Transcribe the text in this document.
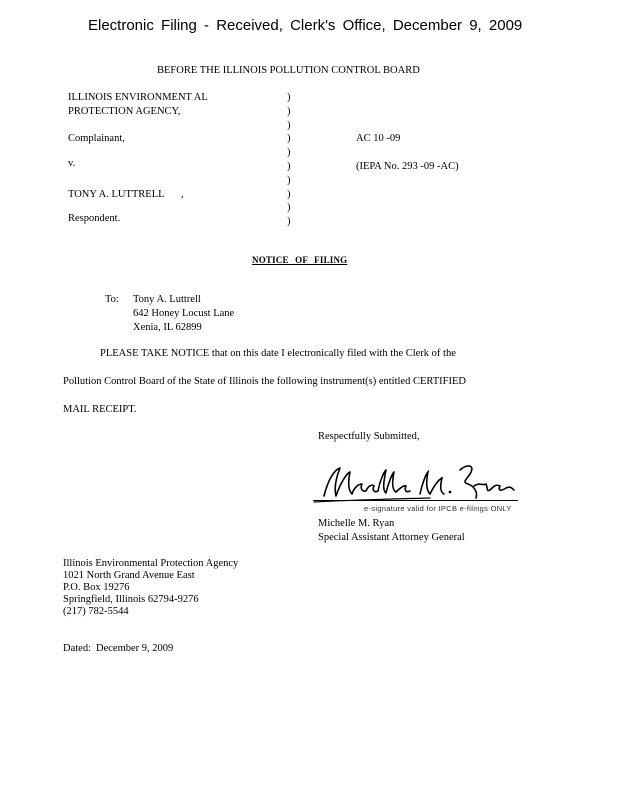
Electronic Filing - Received, Clerk's Office, December 9, 2009
BEFORE THE ILLINOIS POLLUTION CONTROL BOARD
ILLINOIS ENVIRONMENT AL
PROTECTION AGENCY,
Complainant,
v.
TONY A. LUTTRELL ,
Respondent.
)
)
)
)
)
)
)
)
)
)
AC 10 -09
(IEPA No. 293 -09 -AC)
NOTICE OF FILING
To: Tony A. Luttrell
642 Honey Locust Lane
Xenia, IL 62899
PLEASE TAKE NOTICE that on this date I electronically filed with the Clerk of the
Pollution Control Board of the State of Illinois the following instrument(s) entitled CERTIFIED
MAIL RECEIPT.
Respectfully Submitted,
e-signature valid for IPCB e-filings ONLY
Michelle M. Ryan
Special Assistant Attorney General
Illinois Environmental Protection Agency
1021 North Grand Avenue East
P.O. Box 19276
Springfield, Illinois 62794-9276
(217) 782-5544
Dated: December 9, 2009
